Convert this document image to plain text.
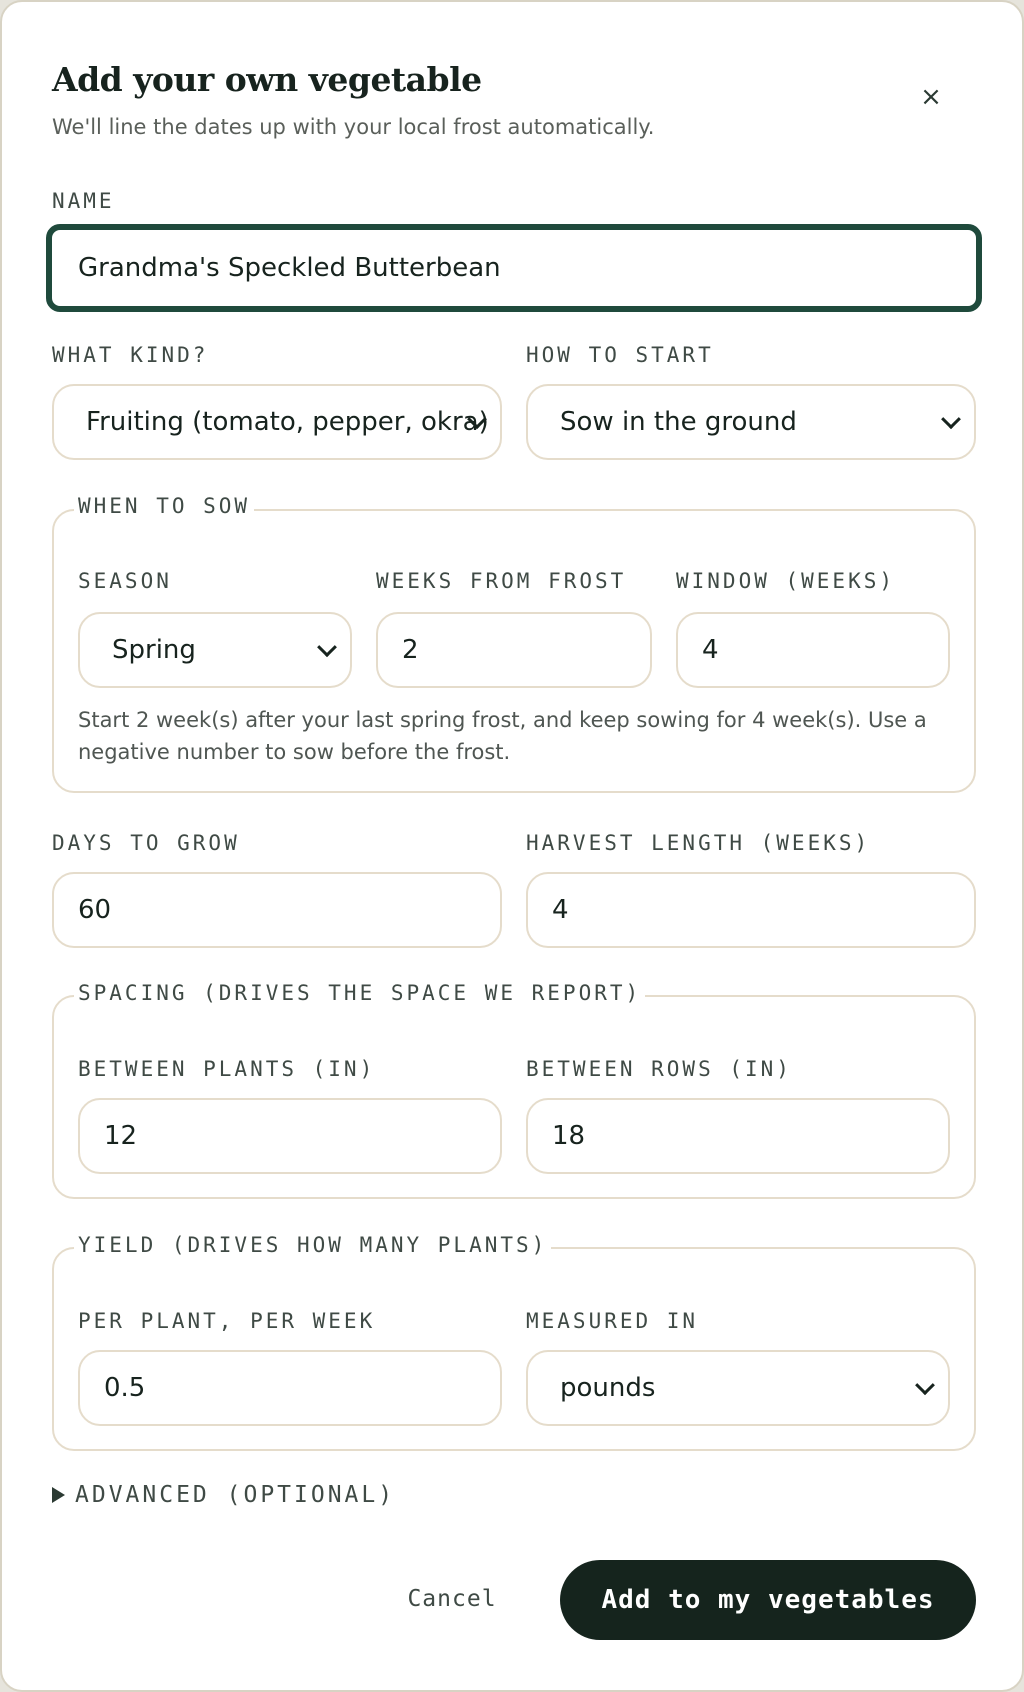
Add your own vegetable

We'll line the dates up with your local frost automatically.

×
NAME
Grandma's Speckled Butterbean
WHAT KIND?
Fruiting (tomato, pepper, okra)
HOW TO START
Sow in the ground
WHEN TO SOW
SEASON
Spring
WEEKS FROM FROST
2
WINDOW (WEEKS)
4

Start 2 week(s) after your last spring frost, and keep sowing for 4 week(s). Use a negative number to sow before the frost.

DAYS TO GROW
60
HARVEST LENGTH (WEEKS)
4
SPACING (DRIVES THE SPACE WE REPORT)
BETWEEN PLANTS (IN)
12
BETWEEN ROWS (IN)
18
YIELD (DRIVES HOW MANY PLANTS)
PER PLANT, PER WEEK
0.5
MEASURED IN
pounds
ADVANCED (OPTIONAL)
Cancel	Add to my vegetables
